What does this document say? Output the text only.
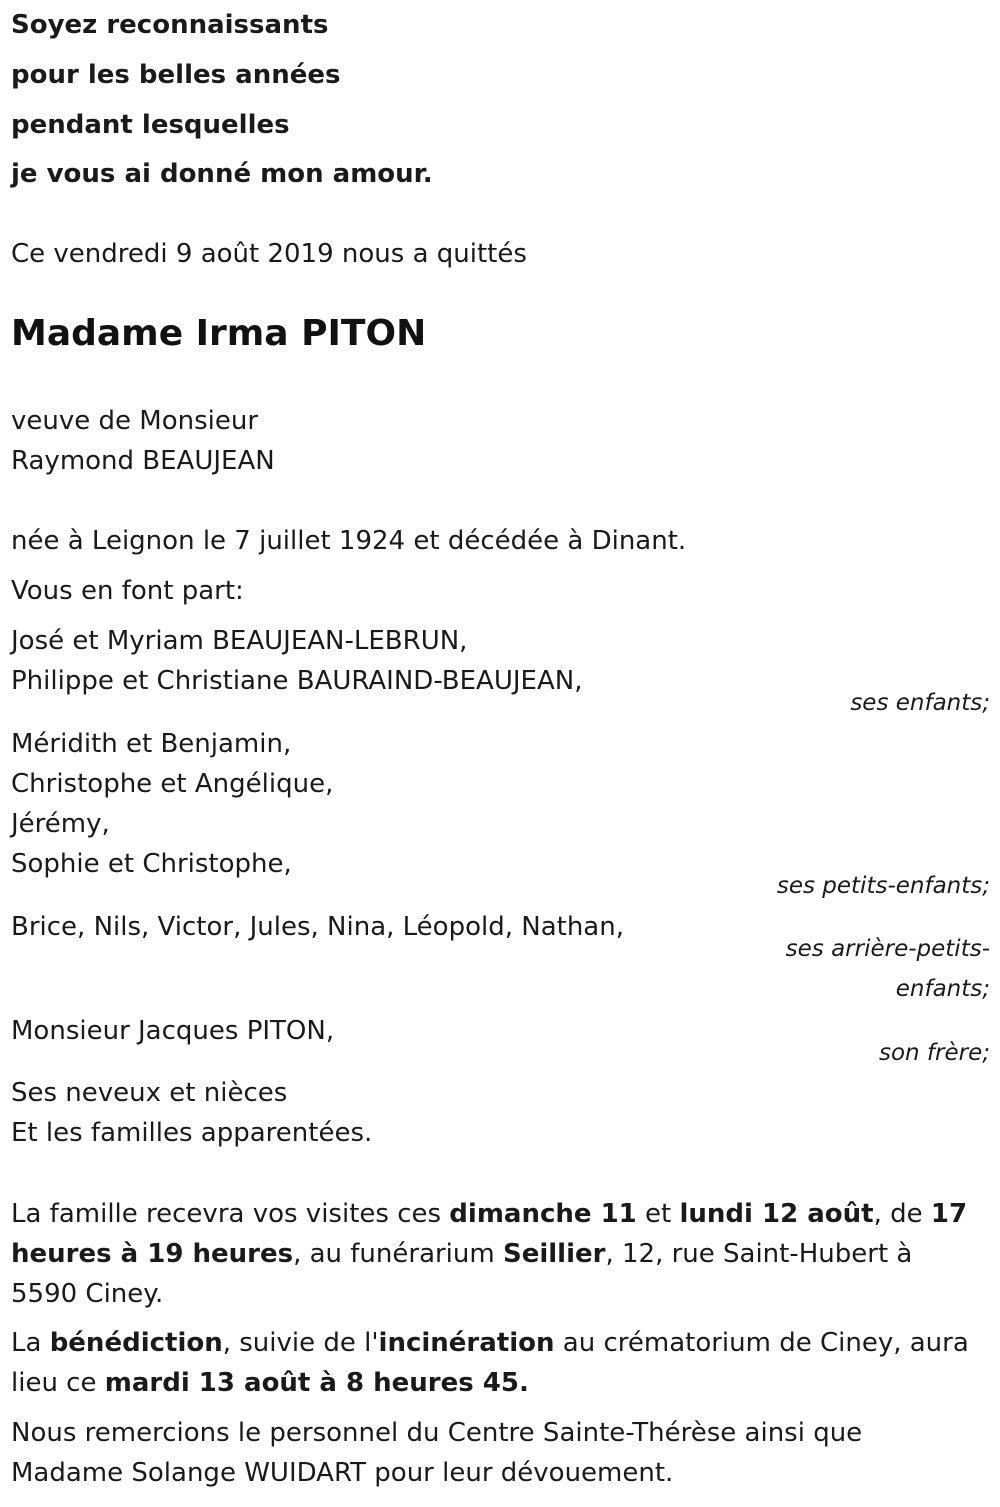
Soyez reconnaissants

pour les belles années

pendant lesquelles

je vous ai donné mon amour.

Ce vendredi 9 août 2019 nous a quittés

Madame Irma PITON

veuve de Monsieur

Raymond BEAUJEAN

née à Leignon le 7 juillet 1924 et décédée à Dinant.

Vous en font part:

José et Myriam BEAUJEAN-LEBRUN,

Philippe et Christiane BAURAIND-BEAUJEAN,

ses enfants;

Méridith et Benjamin,

Christophe et Angélique,

Jérémy,

Sophie et Christophe,

ses petits-enfants;

Brice, Nils, Victor, Jules, Nina, Léopold, Nathan,

ses arrière-petits-

enfants;

Monsieur Jacques PITON,

son frère;

Ses neveux et nièces

Et les familles apparentées.

La famille recevra vos visites ces dimanche 11 et lundi 12 août, de 17 heures à 19 heures, au funérarium Seillier, 12, rue Saint-Hubert à 5590 Ciney.

La bénédiction, suivie de l'incinération au crématorium de Ciney, aura lieu ce mardi 13 août à 8 heures 45.

Nous remercions le personnel du Centre Sainte-Thérèse ainsi que Madame Solange WUIDART pour leur dévouement.
